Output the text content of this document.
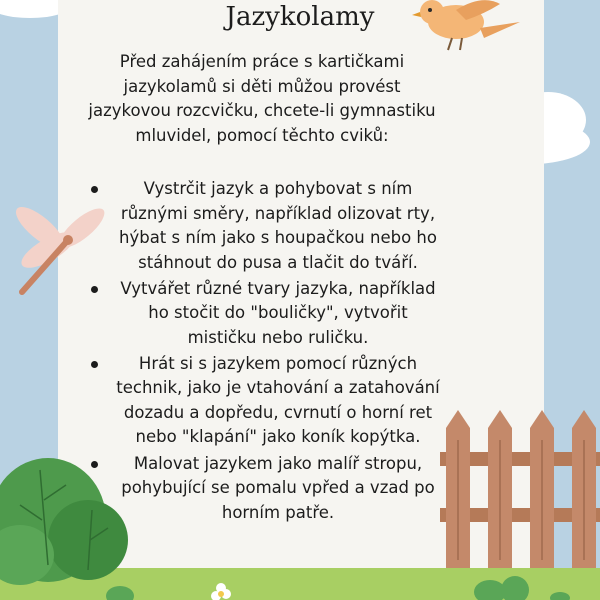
Jazykolamy
Před zahájením práce s kartičkami
jazykolamů si děti můžou provést
jazykovou rozcvičku, chcete-li gymnastiku
mluvidel, pomocí těchto cviků:
Vystrčit jazyk a pohybovat s ním
různými směry, například olizovat rty,
hýbat s ním jako s houpačkou nebo ho
stáhnout do pusa a tlačit do tváří.
Vytvářet různé tvary jazyka, například
ho stočit do "bouličky", vytvořit
mističku nebo ruličku.
Hrát si s jazykem pomocí různých
technik, jako je vtahování a zatahování
dozadu a dopředu, cvrnutí o horní ret
nebo "klapání" jako koník kopýtka.
Malovat jazykem jako malíř stropu,
pohybující se pomalu vpřed a vzad po
horním patře.
